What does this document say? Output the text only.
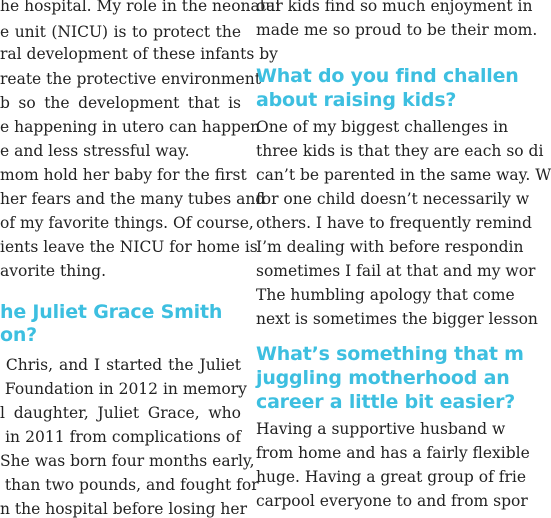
he hospital. My role in the neonatal
e unit (NICU) is to protect the
ral development of these infants by
reate the protective environment
b so the development that is
e happening in utero can happen
e and less stressful way.
mom hold her baby for the first
her fears and the many tubes and
of my favorite things. Of course,
ients leave the NICU for home is
avorite thing.
he Juliet Grace Smith
on?
Chris, and I started the Juliet
Foundation in 2012 in memory
l daughter, Juliet Grace, who
in 2011 from complications of
She was born four months early,
than two pounds, and fought for
n the hospital before losing her
our kids find so much enjoyment in
made me so proud to be their mom.
What do you find challen
about raising kids?
One of my biggest challenges in
three kids is that they are each so di
can’t be parented in the same way. W
for one child doesn’t necessarily w
others. I have to frequently remind
I’m dealing with before respondin
sometimes I fail at that and my wor
The humbling apology that come
next is sometimes the bigger lesson
What’s something that m
juggling motherhood an
career a little bit easier?
Having a supportive husband w
from home and has a fairly flexible
huge. Having a great group of frie
carpool everyone to and from spor
